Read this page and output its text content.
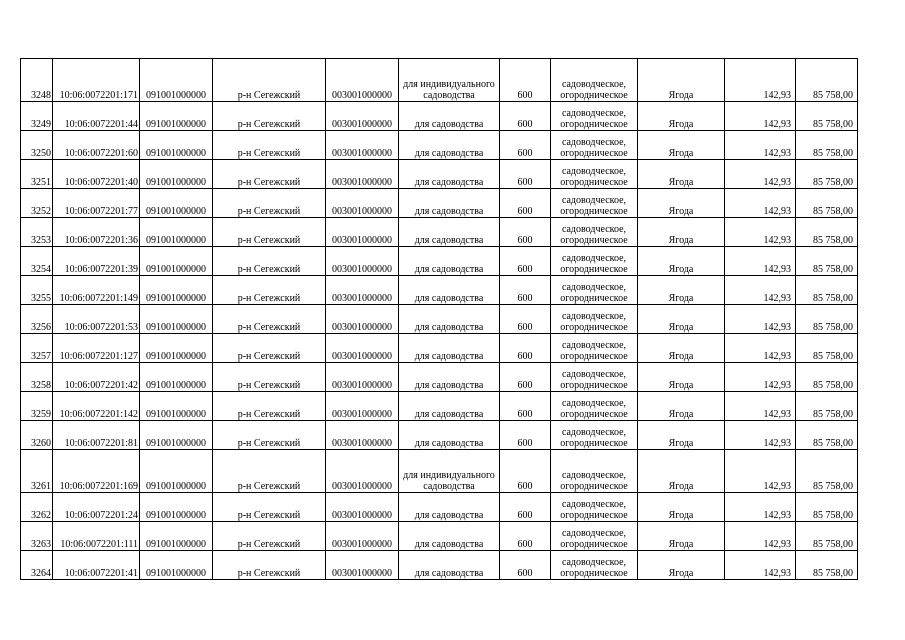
3248	10:06:0072201:171	091001000000	р-н Сегежский	003001000000	для индивидуального садоводства	600	садоводческое, огородническое	Ягода	142,93	85 758,00
3249	10:06:0072201:44	091001000000	р-н Сегежский	003001000000	для садоводства	600	садоводческое, огородническое	Ягода	142,93	85 758,00
3250	10:06:0072201:60	091001000000	р-н Сегежский	003001000000	для садоводства	600	садоводческое, огородническое	Ягода	142,93	85 758,00
3251	10:06:0072201:40	091001000000	р-н Сегежский	003001000000	для садоводства	600	садоводческое, огородническое	Ягода	142,93	85 758,00
3252	10:06:0072201:77	091001000000	р-н Сегежский	003001000000	для садоводства	600	садоводческое, огородническое	Ягода	142,93	85 758,00
3253	10:06:0072201:36	091001000000	р-н Сегежский	003001000000	для садоводства	600	садоводческое, огородническое	Ягода	142,93	85 758,00
3254	10:06:0072201:39	091001000000	р-н Сегежский	003001000000	для садоводства	600	садоводческое, огородническое	Ягода	142,93	85 758,00
3255	10:06:0072201:149	091001000000	р-н Сегежский	003001000000	для садоводства	600	садоводческое, огородническое	Ягода	142,93	85 758,00
3256	10:06:0072201:53	091001000000	р-н Сегежский	003001000000	для садоводства	600	садоводческое, огородническое	Ягода	142,93	85 758,00
3257	10:06:0072201:127	091001000000	р-н Сегежский	003001000000	для садоводства	600	садоводческое, огородническое	Ягода	142,93	85 758,00
3258	10:06:0072201:42	091001000000	р-н Сегежский	003001000000	для садоводства	600	садоводческое, огородническое	Ягода	142,93	85 758,00
3259	10:06:0072201:142	091001000000	р-н Сегежский	003001000000	для садоводства	600	садоводческое, огородническое	Ягода	142,93	85 758,00
3260	10:06:0072201:81	091001000000	р-н Сегежский	003001000000	для садоводства	600	садоводческое, огородническое	Ягода	142,93	85 758,00
3261	10:06:0072201:169	091001000000	р-н Сегежский	003001000000	для индивидуального садоводства	600	садоводческое, огородническое	Ягода	142,93	85 758,00
3262	10:06:0072201:24	091001000000	р-н Сегежский	003001000000	для садоводства	600	садоводческое, огородническое	Ягода	142,93	85 758,00
3263	10:06:0072201:111	091001000000	р-н Сегежский	003001000000	для садоводства	600	садоводческое, огородническое	Ягода	142,93	85 758,00
3264	10:06:0072201:41	091001000000	р-н Сегежский	003001000000	для садоводства	600	садоводческое, огородническое	Ягода	142,93	85 758,00
